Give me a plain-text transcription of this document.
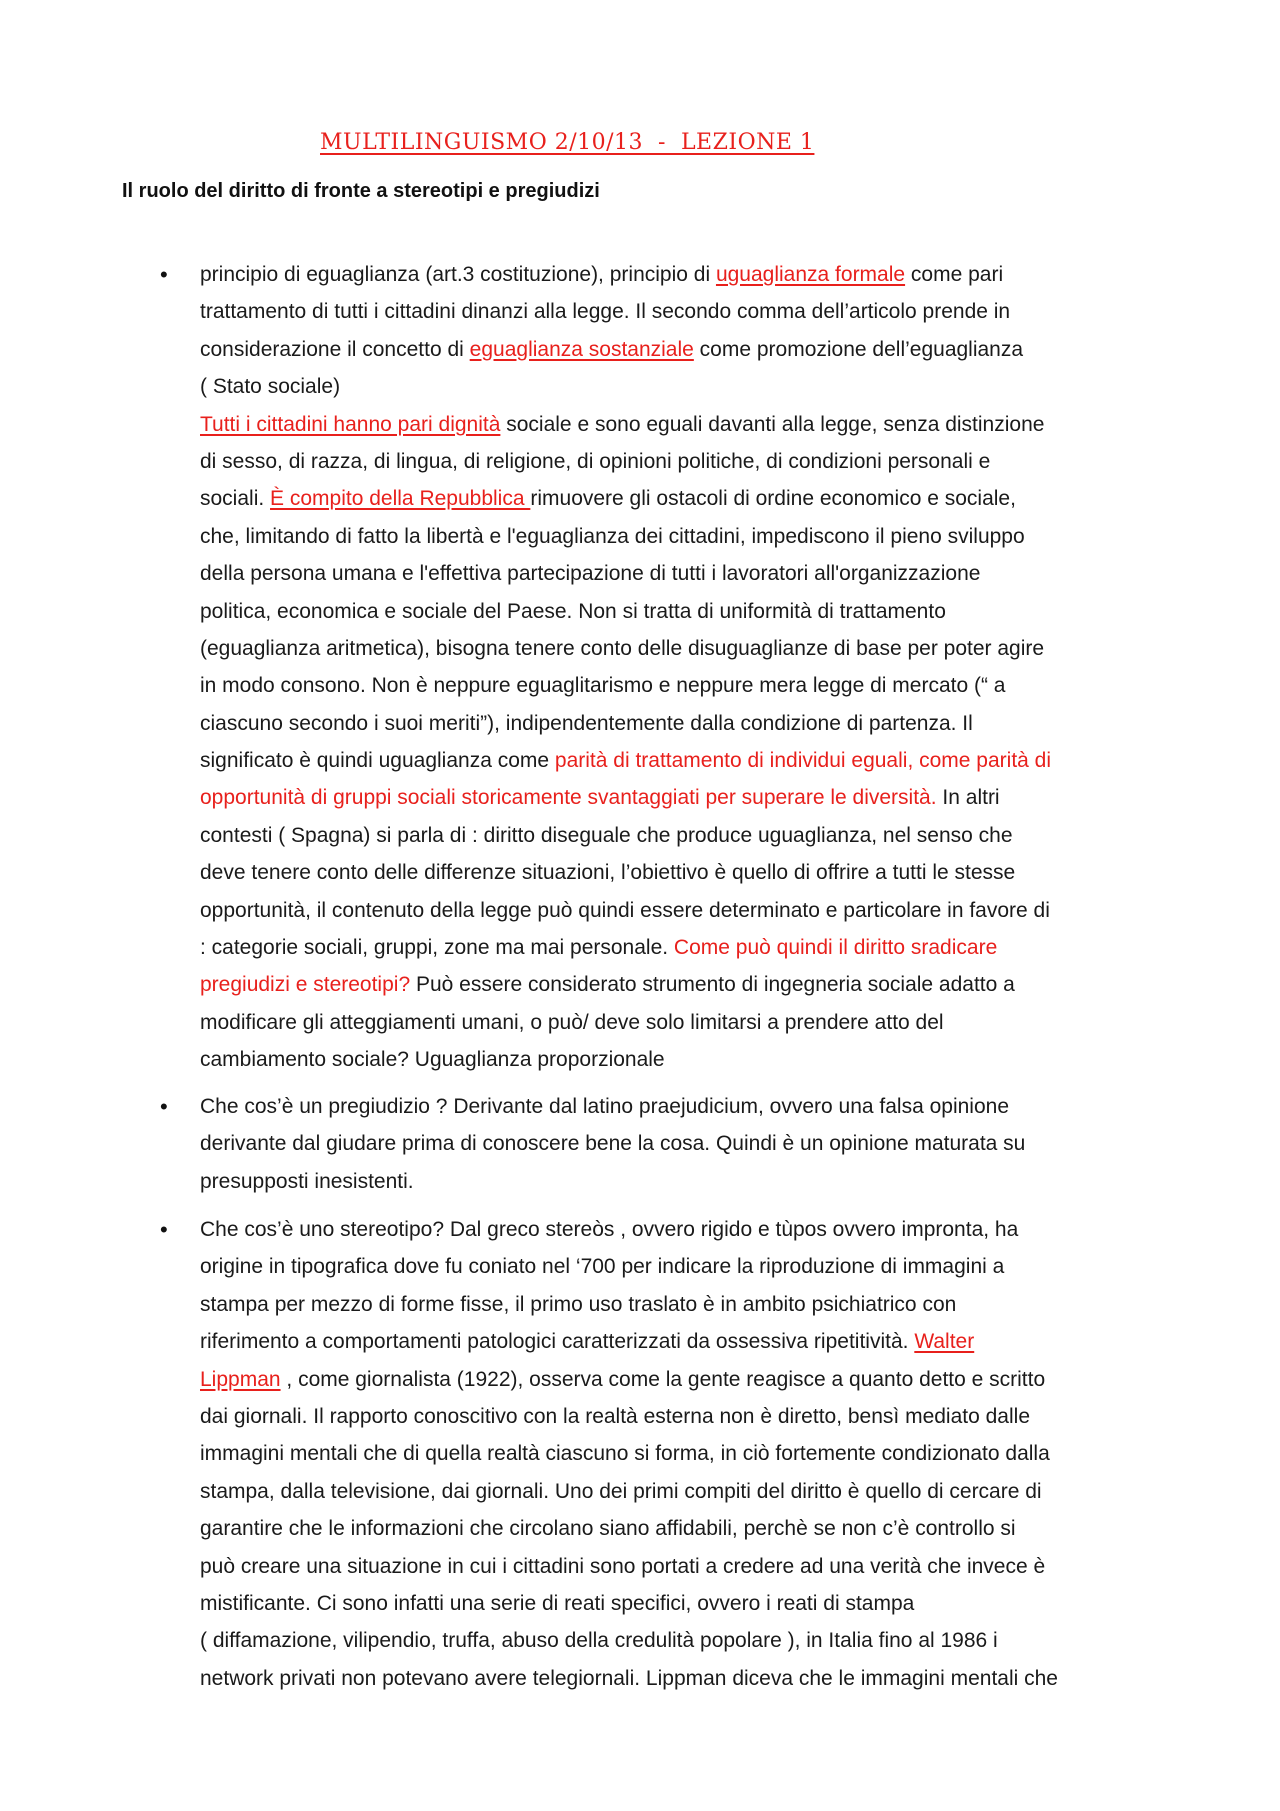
MULTILINGUISMO 2/10/13  -  LEZIONE 1
Il ruolo del diritto di fronte a stereotipi e pregiudizi
• principio di eguaglianza (art.3 costituzione), principio di uguaglianza formale come pari
trattamento di tutti i cittadini dinanzi alla legge. Il secondo comma dell’articolo prende in
considerazione il concetto di eguaglianza sostanziale come promozione dell’eguaglianza
( Stato sociale)
Tutti i cittadini hanno pari dignità sociale e sono eguali davanti alla legge, senza distinzione
di sesso, di razza, di lingua, di religione, di opinioni politiche, di condizioni personali e
sociali. È compito della Repubblica rimuovere gli ostacoli di ordine economico e sociale,
che, limitando di fatto la libertà e l'eguaglianza dei cittadini, impediscono il pieno sviluppo
della persona umana e l'effettiva partecipazione di tutti i lavoratori all'organizzazione
politica, economica e sociale del Paese. Non si tratta di uniformità di trattamento
(eguaglianza aritmetica), bisogna tenere conto delle disuguaglianze di base per poter agire
in modo consono. Non è neppure eguaglitarismo e neppure mera legge di mercato (“ a
ciascuno secondo i suoi meriti”), indipendentemente dalla condizione di partenza. Il
significato è quindi uguaglianza come parità di trattamento di individui eguali, come parità di
opportunità di gruppi sociali storicamente svantaggiati per superare le diversità. In altri
contesti ( Spagna) si parla di : diritto diseguale che produce uguaglianza, nel senso che
deve tenere conto delle differenze situazioni, l’obiettivo è quello di offrire a tutti le stesse
opportunità, il contenuto della legge può quindi essere determinato e particolare in favore di
: categorie sociali, gruppi, zone ma mai personale. Come può quindi il diritto sradicare
pregiudizi e stereotipi? Può essere considerato strumento di ingegneria sociale adatto a
modificare gli atteggiamenti umani, o può/ deve solo limitarsi a prendere atto del
cambiamento sociale? Uguaglianza proporzionale
• Che cos’è un pregiudizio ? Derivante dal latino praejudicium, ovvero una falsa opinione
derivante dal giudare prima di conoscere bene la cosa. Quindi è un opinione maturata su
presupposti inesistenti.
• Che cos’è uno stereotipo? Dal greco stereòs , ovvero rigido e tùpos ovvero impronta, ha
origine in tipografica dove fu coniato nel ‘700 per indicare la riproduzione di immagini a
stampa per mezzo di forme fisse, il primo uso traslato è in ambito psichiatrico con
riferimento a comportamenti patologici caratterizzati da ossessiva ripetitività. Walter
Lippman , come giornalista (1922), osserva come la gente reagisce a quanto detto e scritto
dai giornali. Il rapporto conoscitivo con la realtà esterna non è diretto, bensì mediato dalle
immagini mentali che di quella realtà ciascuno si forma, in ciò fortemente condizionato dalla
stampa, dalla televisione, dai giornali. Uno dei primi compiti del diritto è quello di cercare di
garantire che le informazioni che circolano siano affidabili, perchè se non c’è controllo si
può creare una situazione in cui i cittadini sono portati a credere ad una verità che invece è
mistificante. Ci sono infatti una serie di reati specifici, ovvero i reati di stampa
( diffamazione, vilipendio, truffa, abuso della credulità popolare ), in Italia fino al 1986 i
network privati non potevano avere telegiornali. Lippman diceva che le immagini mentali che
